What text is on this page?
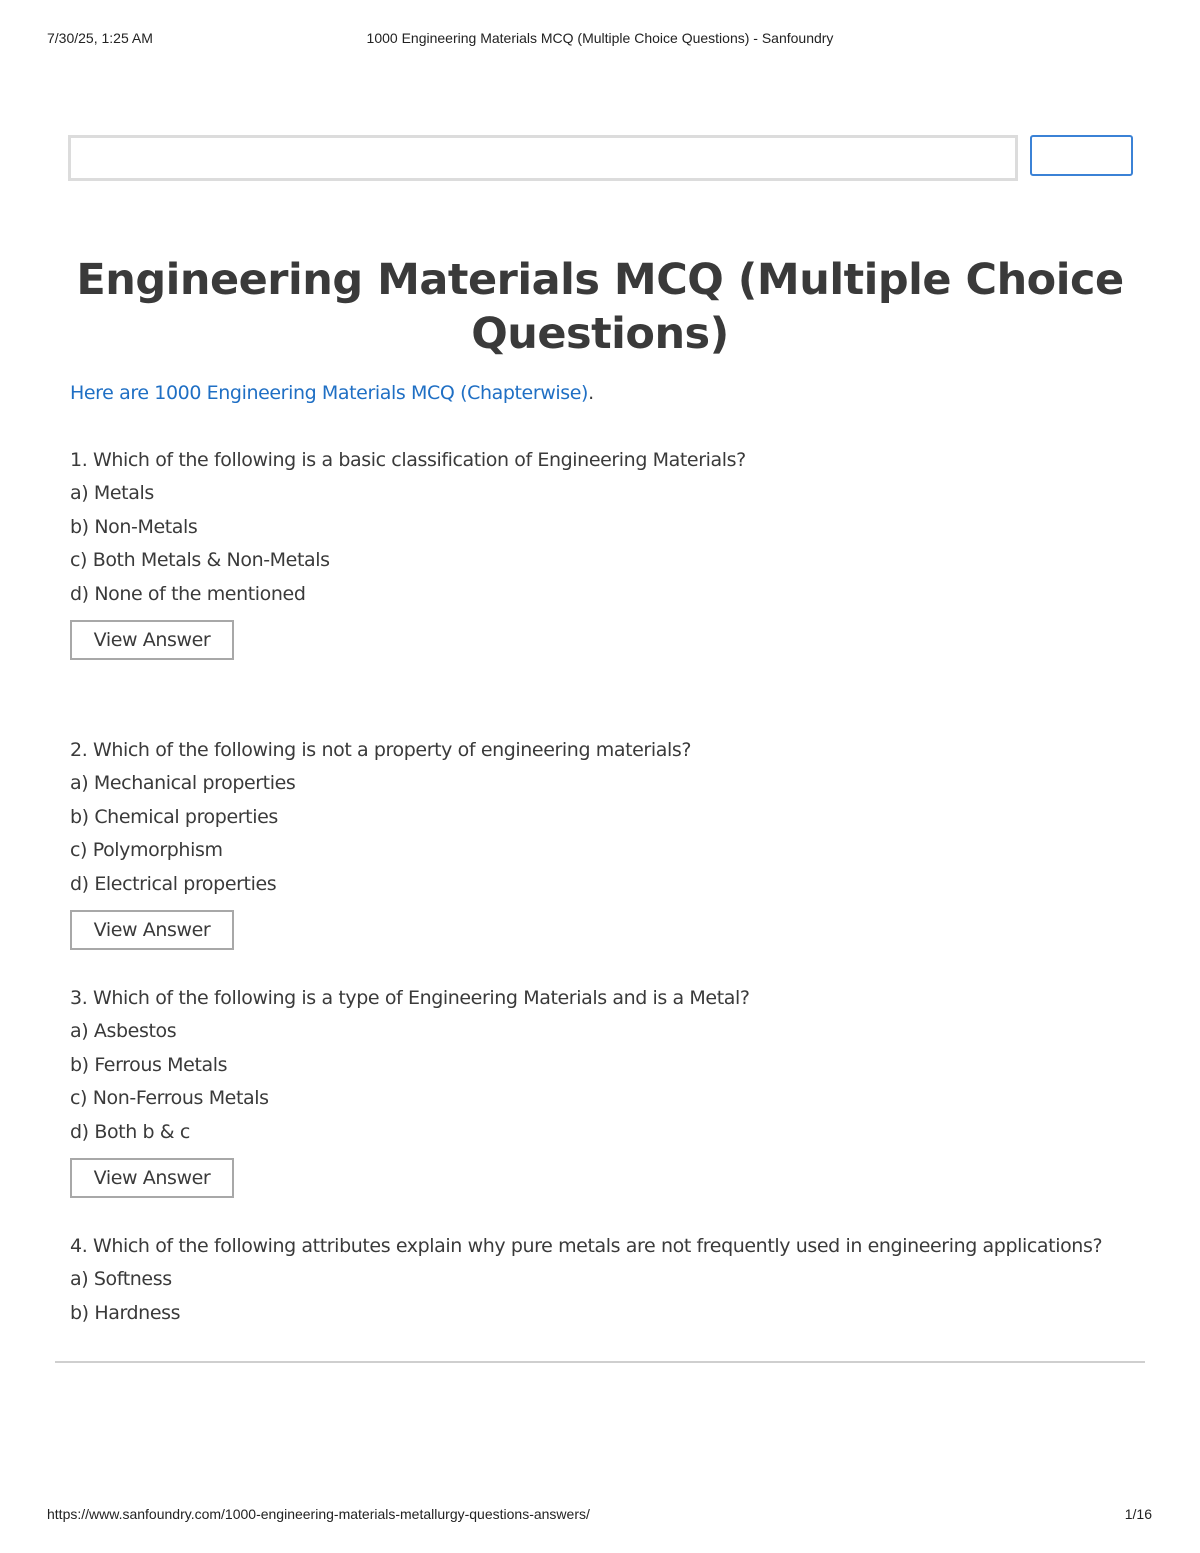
7/30/25, 1:25 AM	1000 Engineering Materials MCQ (Multiple Choice Questions) - Sanfoundry
Engineering Materials MCQ (Multiple Choice Questions)
Here are 1000 Engineering Materials MCQ (Chapterwise).
1. Which of the following is a basic classification of Engineering Materials?
a) Metals
b) Non-Metals
c) Both Metals & Non-Metals
d) None of the mentioned
View Answer
2. Which of the following is not a property of engineering materials?
a) Mechanical properties
b) Chemical properties
c) Polymorphism
d) Electrical properties
View Answer
3. Which of the following is a type of Engineering Materials and is a Metal?
a) Asbestos
b) Ferrous Metals
c) Non-Ferrous Metals
d) Both b & c
View Answer
4. Which of the following attributes explain why pure metals are not frequently used in engineering applications?
a) Softness
b) Hardness
https://www.sanfoundry.com/1000-engineering-materials-metallurgy-questions-answers/	1/16
